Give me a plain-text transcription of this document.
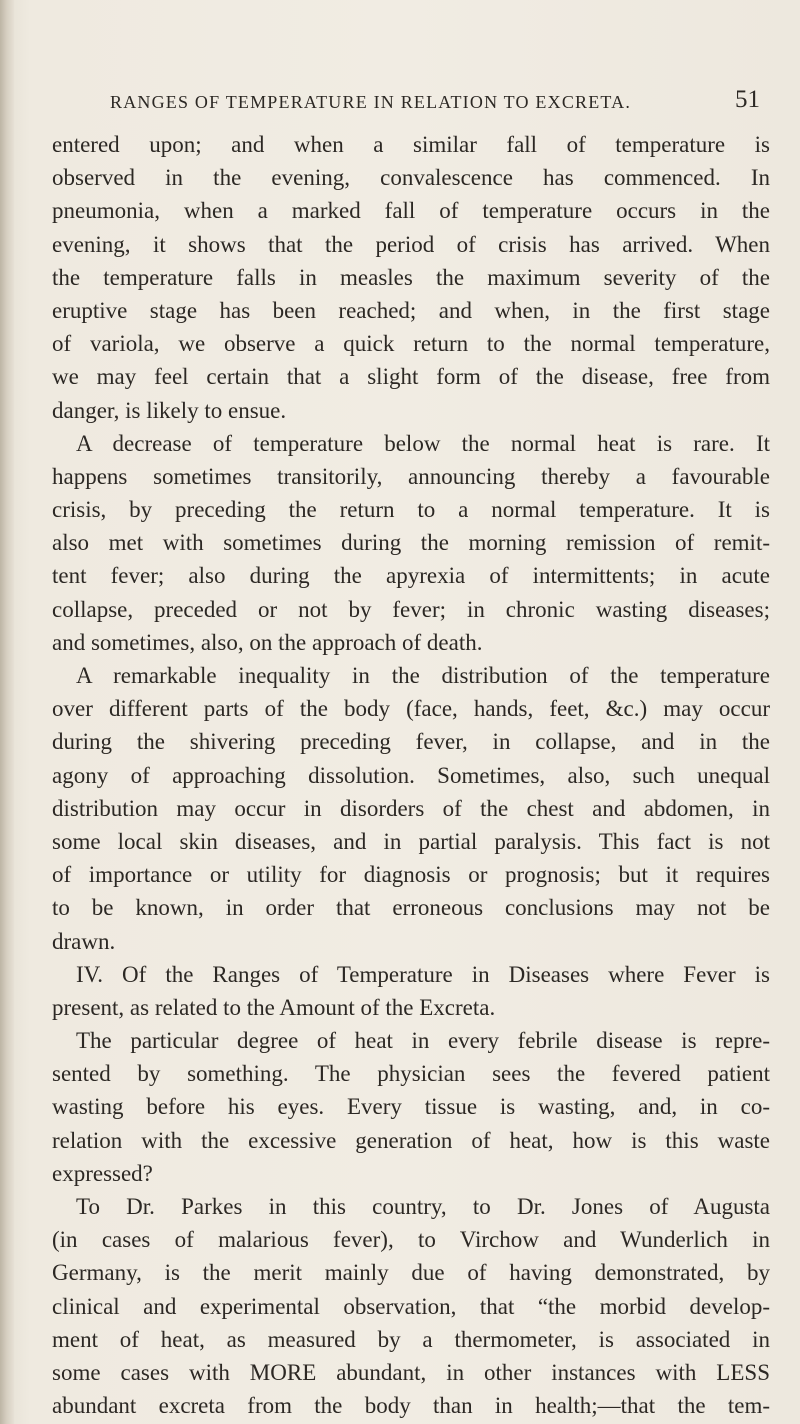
RANGES OF TEMPERATURE IN RELATION TO EXCRETA.	51
entered upon; and when a similar fall of temperature is
observed in the evening, convalescence has commenced. In
pneumonia, when a marked fall of temperature occurs in the
evening, it shows that the period of crisis has arrived. When
the temperature falls in measles the maximum severity of the
eruptive stage has been reached; and when, in the first stage
of variola, we observe a quick return to the normal temperature,
we may feel certain that a slight form of the disease, free from
danger, is likely to ensue.
A decrease of temperature below the normal heat is rare. It
happens sometimes transitorily, announcing thereby a favourable
crisis, by preceding the return to a normal temperature. It is
also met with sometimes during the morning remission of remit-
tent fever; also during the apyrexia of intermittents; in acute
collapse, preceded or not by fever; in chronic wasting diseases;
and sometimes, also, on the approach of death.
A remarkable inequality in the distribution of the temperature
over different parts of the body (face, hands, feet, &c.) may occur
during the shivering preceding fever, in collapse, and in the
agony of approaching dissolution. Sometimes, also, such unequal
distribution may occur in disorders of the chest and abdomen, in
some local skin diseases, and in partial paralysis. This fact is not
of importance or utility for diagnosis or prognosis; but it requires
to be known, in order that erroneous conclusions may not be
drawn.
IV. Of the Ranges of Temperature in Diseases where Fever is
present, as related to the Amount of the Excreta.
The particular degree of heat in every febrile disease is repre-
sented by something. The physician sees the fevered patient
wasting before his eyes. Every tissue is wasting, and, in co-
relation with the excessive generation of heat, how is this waste
expressed?
To Dr. Parkes in this country, to Dr. Jones of Augusta
(in cases of malarious fever), to Virchow and Wunderlich in
Germany, is the merit mainly due of having demonstrated, by
clinical and experimental observation, that “the morbid develop-
ment of heat, as measured by a thermometer, is associated in
some cases with MORE abundant, in other instances with LESS
abundant excreta from the body than in health;—that the tem-
